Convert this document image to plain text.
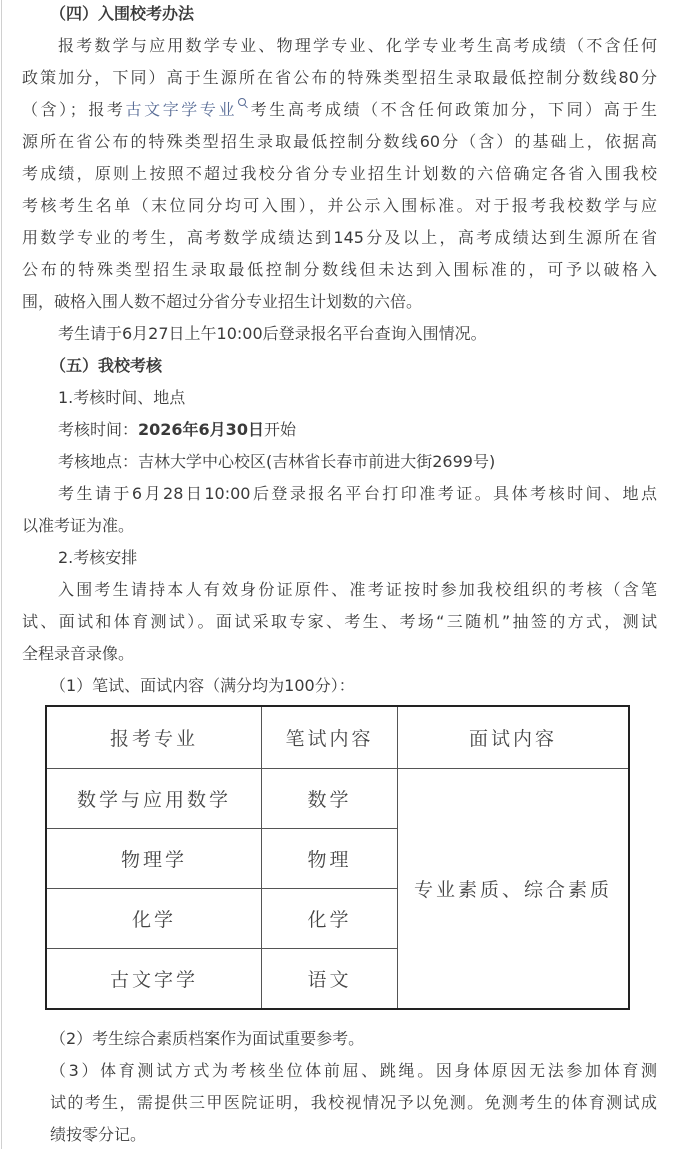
（四）入围校考办法
报考数学与应用数学专业、物理学专业、化学专业考生高考成绩（不含任何
政策加分，下同）高于生源所在省公布的特殊类型招生录取最低控制分数线80分
（含）；报考古文字学专业 考生高考成绩（不含任何政策加分，下同）高于生
源所在省公布的特殊类型招生录取最低控制分数线60分（含）的基础上，依据高
考成绩，原则上按照不超过我校分省分专业招生计划数的六倍确定各省入围我校
考核考生名单（末位同分均可入围），并公示入围标准。对于报考我校数学与应
用数学专业的考生，高考数学成绩达到145分及以上，高考成绩达到生源所在省
公布的特殊类型招生录取最低控制分数线但未达到入围标准的，可予以破格入
围，破格入围人数不超过分省分专业招生计划数的六倍。
考生请于6月27日上午10:00后登录报名平台查询入围情况。
（五）我校考核
1.考核时间、地点
考核时间：2026年6月30日开始
考核地点：吉林大学中心校区(吉林省长春市前进大街2699号)
考生请于6月28日10:00后登录报名平台打印准考证。具体考核时间、地点
以准考证为准。
2.考核安排
入围考生请持本人有效身份证原件、准考证按时参加我校组织的考核（含笔
试、面试和体育测试）。面试采取专家、考生、考场“三随机”抽签的方式，测试
全程录音录像。
（1）笔试、面试内容（满分均为100分）：
报考专业	笔试内容	面试内容
数学与应用数学	数学	专业素质、综合素质
物理学	物理	
化学	化学	
古文字学	语文	
（2）考生综合素质档案作为面试重要参考。
（3）体育测试方式为考核坐位体前屈、跳绳。因身体原因无法参加体育测
试的考生，需提供三甲医院证明，我校视情况予以免测。免测考生的体育测试成
绩按零分记。
